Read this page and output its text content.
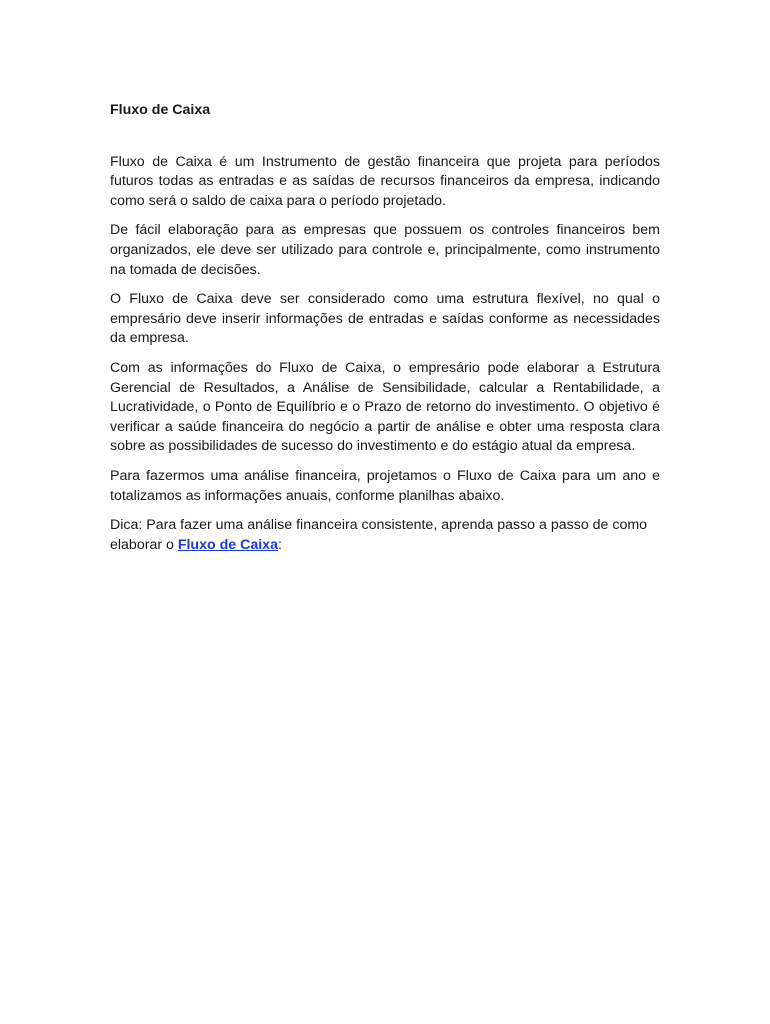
Fluxo de Caixa

Fluxo de Caixa é um Instrumento de gestão financeira que projeta para períodos futuros todas as entradas e as saídas de recursos financeiros da empresa, indicando como será o saldo de caixa para o período projetado.

De fácil elaboração para as empresas que possuem os controles financeiros bem organizados, ele deve ser utilizado para controle e, principalmente, como instrumento na tomada de decisões.

O Fluxo de Caixa deve ser considerado como uma estrutura flexível, no qual o empresário deve inserir informações de entradas e saídas conforme as necessidades da empresa.

Com as informações do Fluxo de Caixa, o empresário pode elaborar a Estrutura Gerencial de Resultados, a Análise de Sensibilidade, calcular a Rentabilidade, a Lucratividade, o Ponto de Equilíbrio e o Prazo de retorno do investimento. O objetivo é verificar a saúde financeira do negócio a partir de análise e obter uma resposta clara sobre as possibilidades de sucesso do investimento e do estágio atual da empresa.

Para fazermos uma análise financeira, projetamos o Fluxo de Caixa para um ano e totalizamos as informações anuais, conforme planilhas abaixo.

Dica: Para fazer uma análise financeira consistente, aprenda passo a passo de como elaborar o Fluxo de Caixa:
